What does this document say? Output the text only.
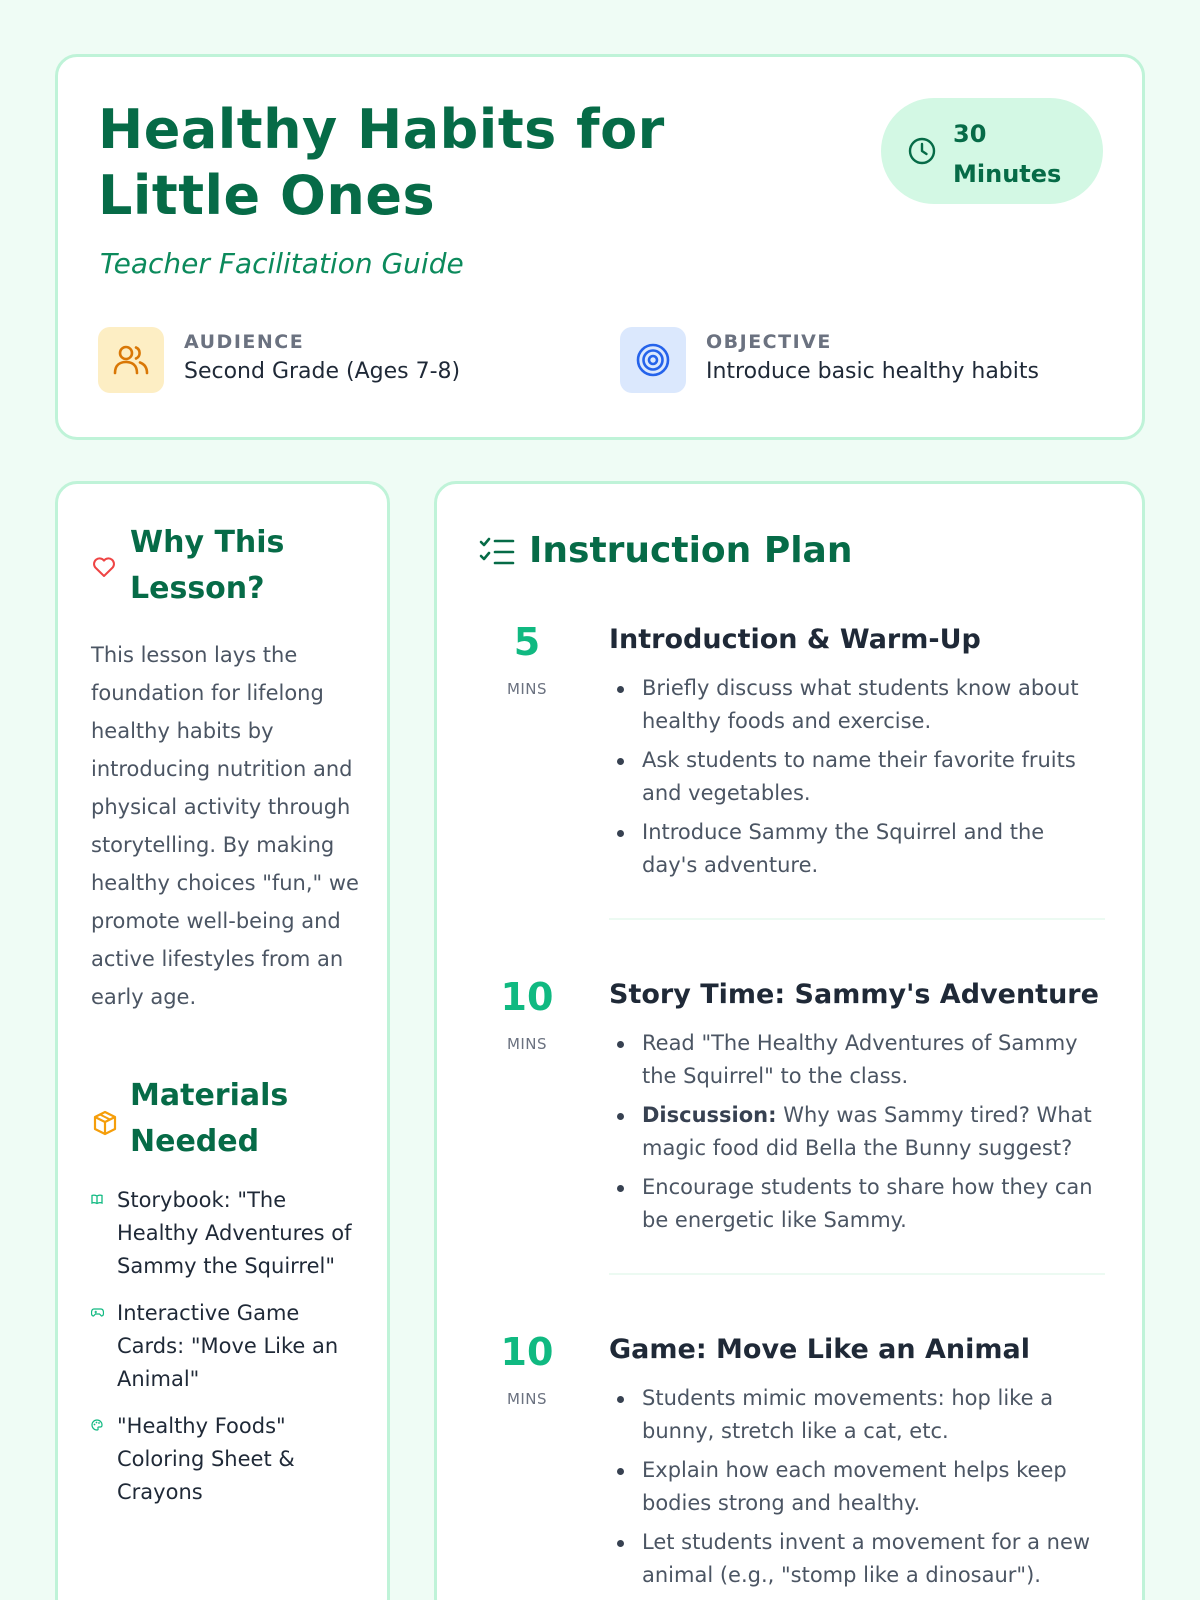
Healthy Habits for Little Ones
Teacher Facilitation Guide
30 Minutes
AUDIENCE
Second Grade (Ages 7-8)
OBJECTIVE
Introduce basic healthy habits
Why This Lesson?

This lesson lays the foundation for lifelong healthy habits by introducing nutrition and physical activity through storytelling. By making healthy choices "fun," we promote well-being and active lifestyles from an early age.

Materials Needed
Storybook: "The Healthy Adventures of Sammy the Squirrel"
Interactive Game Cards: "Move Like an Animal"
"Healthy Foods" Coloring Sheet & Crayons
Instruction Plan
5
MINS
Introduction & Warm-Up
Briefly discuss what students know about healthy foods and exercise.
Ask students to name their favorite fruits and vegetables.
Introduce Sammy the Squirrel and the day's adventure.
10
MINS
Story Time: Sammy's Adventure
Read "The Healthy Adventures of Sammy the Squirrel" to the class.
Discussion: Why was Sammy tired? What magic food did Bella the Bunny suggest?
Encourage students to share how they can be energetic like Sammy.
10
MINS
Game: Move Like an Animal
Students mimic movements: hop like a bunny, stretch like a cat, etc.
Explain how each movement helps keep bodies strong and healthy.
Let students invent a movement for a new animal (e.g., "stomp like a dinosaur").
